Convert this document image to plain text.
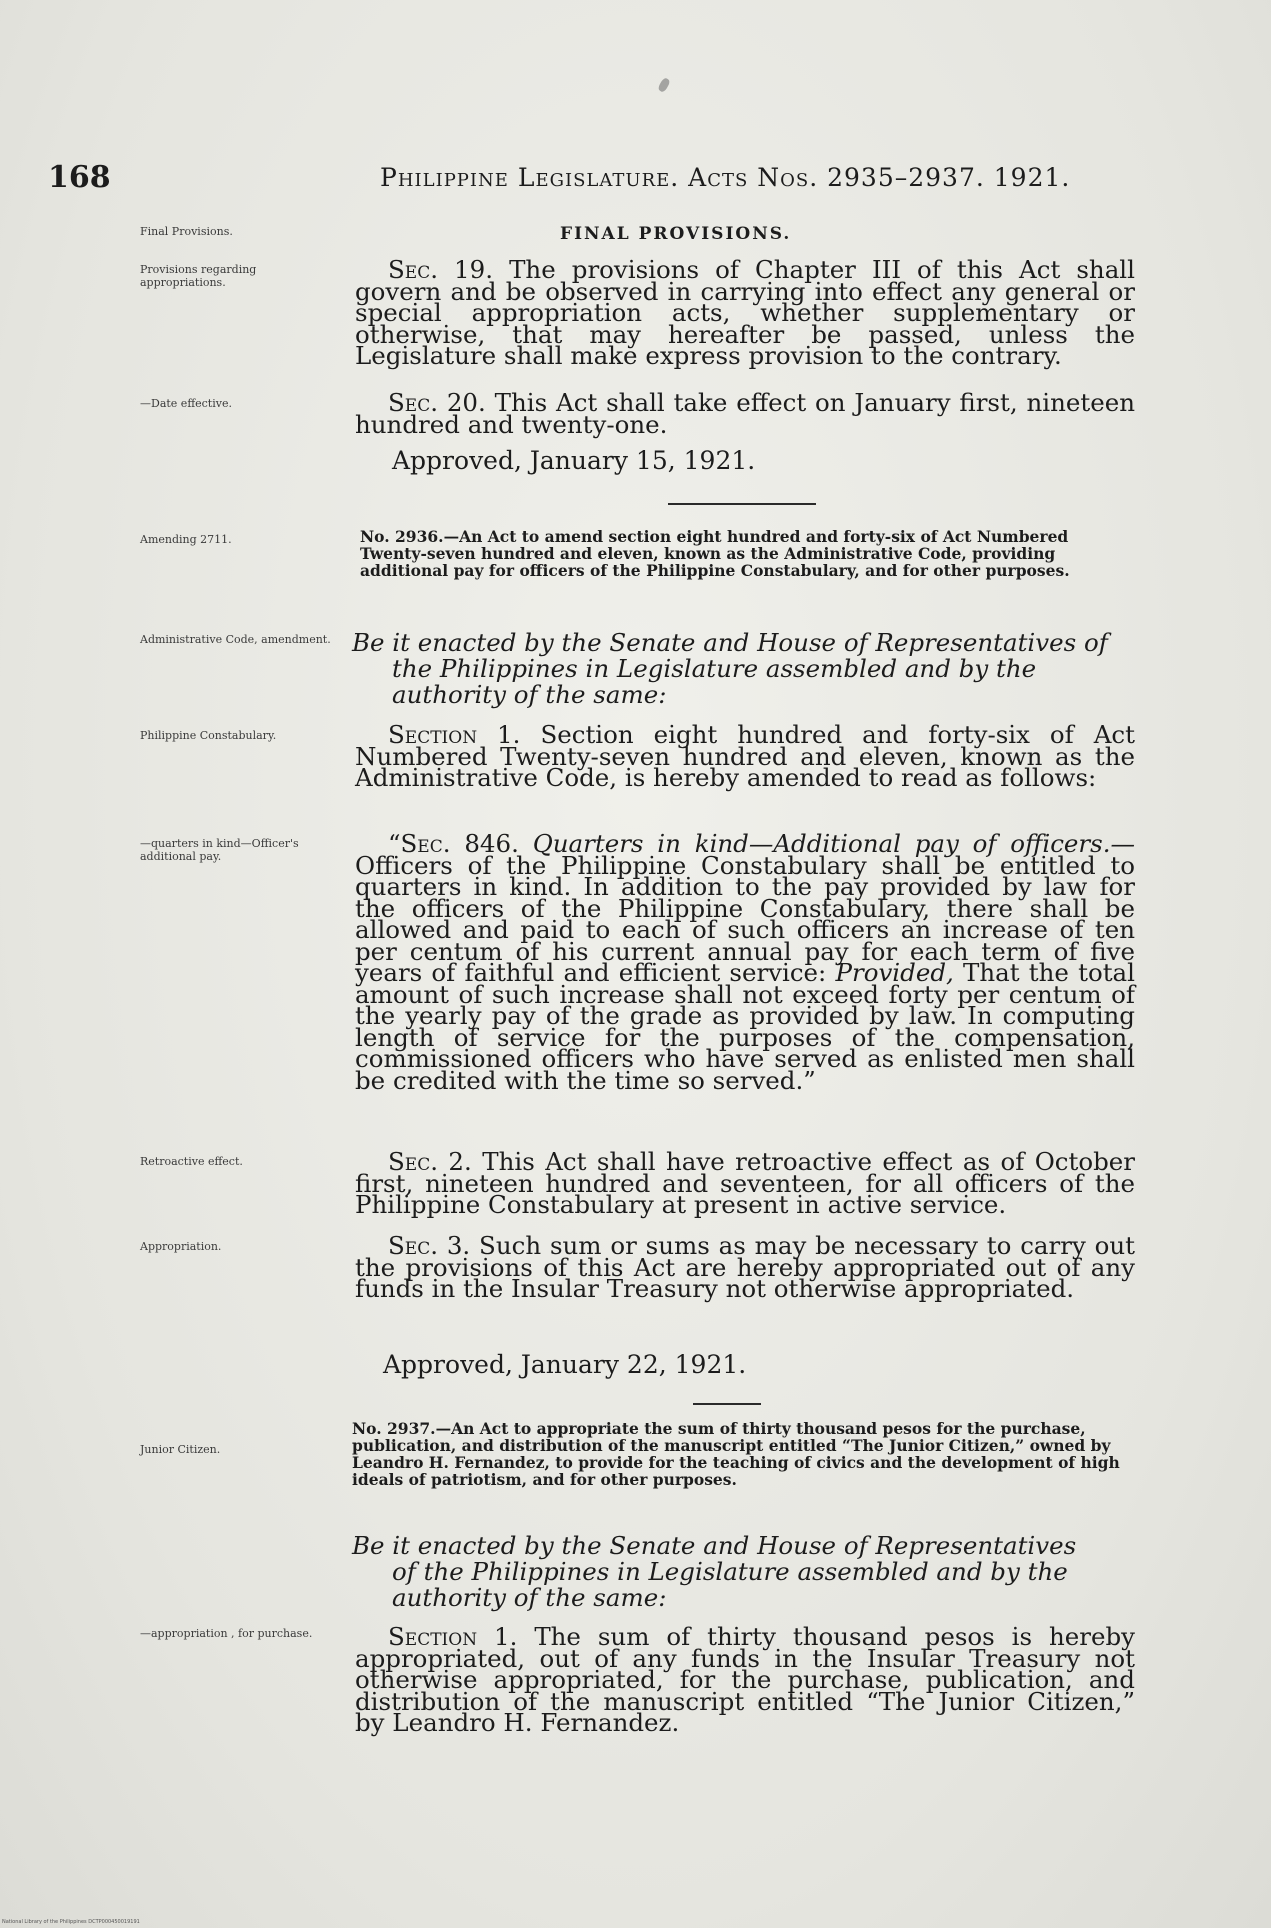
168	Philippine Legislature. Acts Nos. 2935–2937. 1921.
Final Provisions.
Provisions regarding appropriations.
—Date effective.
Amending 2711.
Administrative Code, amendment.
Philippine Constabulary.
—quarters in kind—Officer's additional pay.
Retroactive effect.
Appropriation.
Junior Citizen.
—appropriation , for purchase.
FINAL PROVISIONS.

Sec. 19. The provisions of Chapter III of this Act shall govern and be observed in carrying into effect any general or special appropriation acts, whether supplementary or otherwise, that may hereafter be passed, unless the Legislature shall make express provision to the contrary.

Sec. 20. This Act shall take effect on January first, nineteen hundred and twenty-one.

Approved, January 15, 1921.
No. 2936.—An Act to amend section eight hundred and forty-six of Act Numbered Twenty-seven hundred and eleven, known as the Administrative Code, providing additional pay for officers of the Philippine Constabulary, and for other purposes.
Be it enacted by the Senate and House of Representatives of
the Philippines in Legislature assembled and by the authority of the same:

Section 1. Section eight hundred and forty-six of Act Numbered Twenty-seven hundred and eleven, known as the Administrative Code, is hereby amended to read as follows:

“Sec. 846. Quarters in kind—Additional pay of officers.— Officers of the Philippine Constabulary shall be entitled to quarters in kind. In addition to the pay provided by law for the officers of the Philippine Constabulary, there shall be allowed and paid to each of such officers an increase of ten per centum of his current annual pay for each term of five years of faithful and efficient service: Provided, That the total amount of such increase shall not exceed forty per centum of the yearly pay of the grade as provided by law. In computing length of service for the purposes of the compensation, commissioned officers who have served as enlisted men shall be credited with the time so served.”

Sec. 2. This Act shall have retroactive effect as of October first, nineteen hundred and seventeen, for all officers of the Philippine Constabulary at present in active service.

Sec. 3. Such sum or sums as may be necessary to carry out the provisions of this Act are hereby appropriated out of any funds in the Insular Treasury not otherwise appropriated.

Approved, January 22, 1921.
No. 2937.—An Act to appropriate the sum of thirty thousand pesos for the purchase, publication, and distribution of the manuscript entitled “The Junior Citizen,” owned by Leandro H. Fernandez, to provide for the teaching of civics and the development of high ideals of patriotism, and for other purposes.
Be it enacted by the Senate and House of Representatives
of the Philippines in Legislature assembled and by the authority of the same:

Section 1. The sum of thirty thousand pesos is hereby appropriated, out of any funds in the Insular Treasury not otherwise appropriated, for the purchase, publication, and distribution of the manuscript entitled “The Junior Citizen,” by Leandro H. Fernandez.

National Library of the Philippines DCTP000450019191
